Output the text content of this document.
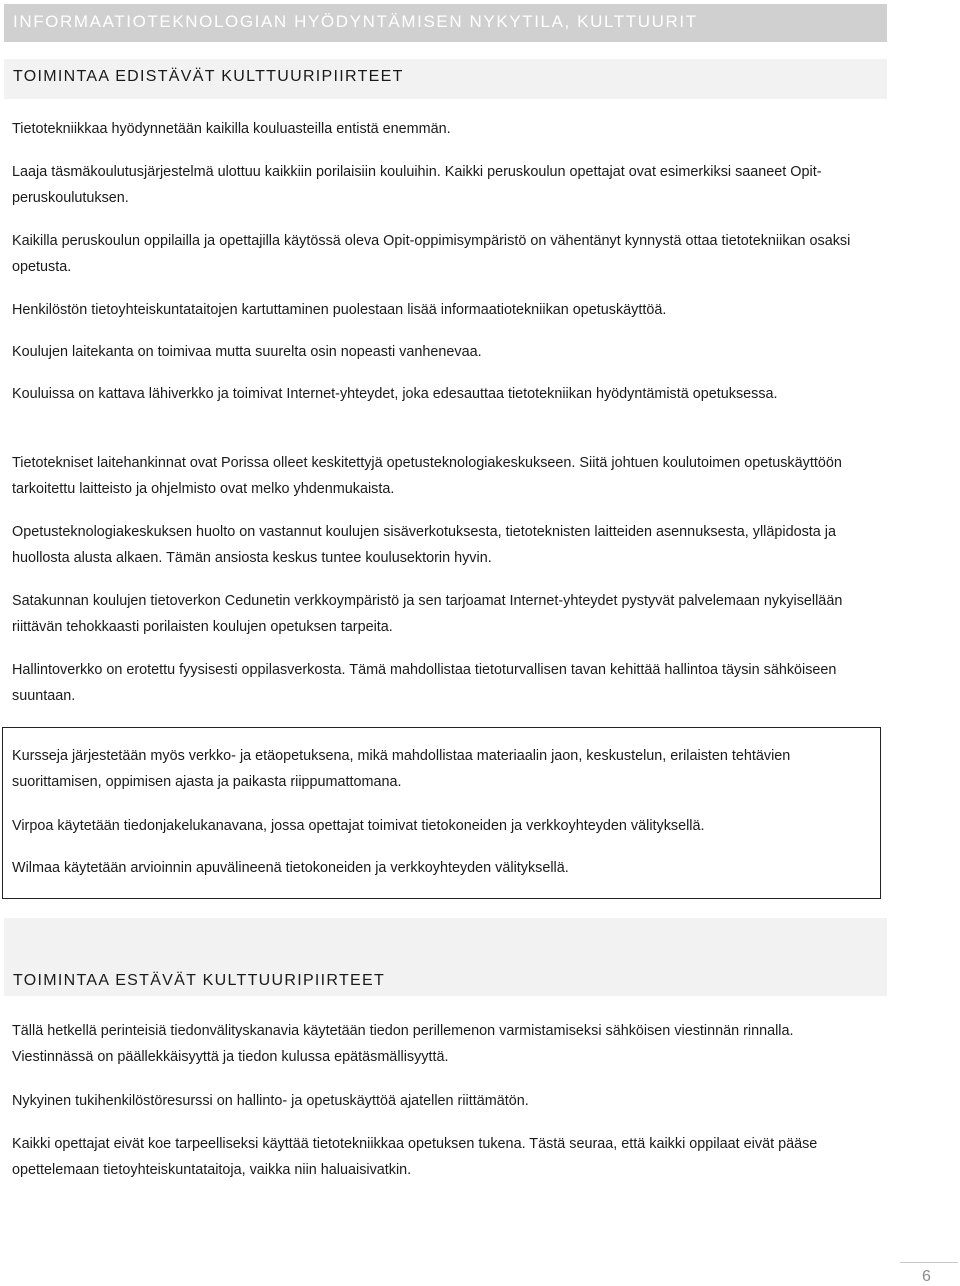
INFORMAATIOTEKNOLOGIAN HYÖDYNTÄMISEN NYKYTILA, KULTTUURIT
TOIMINTAA EDISTÄVÄT KULTTUURIPIIRTEET

Tietotekniikkaa hyödynnetään kaikilla kouluasteilla entistä enemmän.

Laaja täsmäkoulutusjärjestelmä ulottuu kaikkiin porilaisiin kouluihin. Kaikki peruskoulun opettajat ovat esimerkiksi saaneet Opit-peruskoulutuksen.

Kaikilla peruskoulun oppilailla ja opettajilla käytössä oleva Opit-oppimisympäristö on vähentänyt kynnystä ottaa tietotekniikan osaksi opetusta.

Henkilöstön tietoyhteiskuntataitojen kartuttaminen puolestaan lisää informaatiotekniikan opetuskäyttöä.

Koulujen laitekanta on toimivaa mutta suurelta osin nopeasti vanhenevaa.

Kouluissa on kattava lähiverkko ja toimivat Internet-yhteydet, joka edesauttaa tietotekniikan hyödyntämistä opetuksessa.

Tietotekniset laitehankinnat ovat Porissa olleet keskitettyjä opetusteknologiakeskukseen. Siitä johtuen koulutoimen opetuskäyttöön tarkoitettu laitteisto ja ohjelmisto ovat melko yhdenmukaista.

Opetusteknologiakeskuksen huolto on vastannut koulujen sisäverkotuksesta, tietoteknisten laitteiden asennuksesta, ylläpidosta ja huollosta alusta alkaen. Tämän ansiosta keskus tuntee koulusektorin hyvin.

Satakunnan koulujen tietoverkon Cedunetin verkkoympäristö ja sen tarjoamat Internet-yhteydet pystyvät palvelemaan nykyisellään riittävän tehokkaasti porilaisten koulujen opetuksen tarpeita.

Hallintoverkko on erotettu fyysisesti oppilasverkosta. Tämä mahdollistaa tietoturvallisen tavan kehittää hallintoa täysin sähköiseen suuntaan.

Kursseja järjestetään myös verkko- ja etäopetuksena, mikä mahdollistaa materiaalin jaon, keskustelun, erilaisten tehtävien suorittamisen, oppimisen ajasta ja paikasta riippumattomana.

Virpoa käytetään tiedonjakelukanavana, jossa opettajat toimivat tietokoneiden ja verkkoyhteyden välityksellä.

Wilmaa käytetään arvioinnin apuvälineenä tietokoneiden ja verkkoyhteyden välityksellä.

TOIMINTAA ESTÄVÄT KULTTUURIPIIRTEET

Tällä hetkellä perinteisiä tiedonvälityskanavia käytetään tiedon perillemenon varmistamiseksi sähköisen viestinnän rinnalla. Viestinnässä on päällekkäisyyttä ja tiedon kulussa epätäsmällisyyttä.

Nykyinen tukihenkilöstöresurssi on hallinto- ja opetuskäyttöä ajatellen riittämätön.

Kaikki opettajat eivät koe tarpeelliseksi käyttää tietotekniikkaa opetuksen tukena. Tästä seuraa, että kaikki oppilaat eivät pääse opettelemaan tietoyhteiskuntataitoja, vaikka niin haluaisivatkin.

6
